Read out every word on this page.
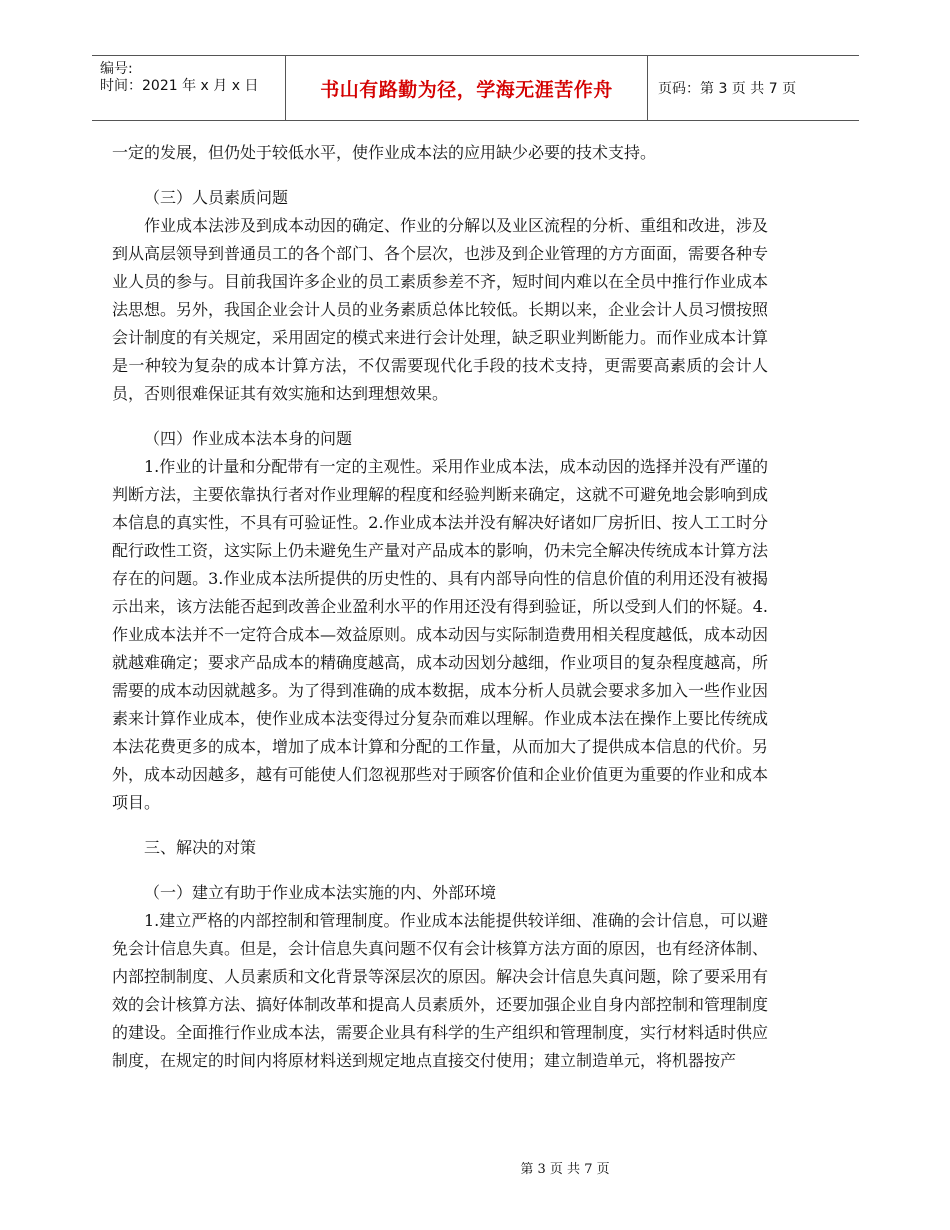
编号:
时间：2021 年 x 月 x 日	书山有路勤为径，学海无涯苦作舟	页码：第 3 页 共 7 页

一定的发展，但仍处于较低水平，使作业成本法的应用缺少必要的技术支持。

（三）人员素质问题

作业成本法涉及到成本动因的确定、作业的分解以及业区流程的分析、重组和改进，涉及到从高层领导到普通员工的各个部门、各个层次，也涉及到企业管理的方方面面，需要各种专业人员的参与。目前我国许多企业的员工素质参差不齐，短时间内难以在全员中推行作业成本法思想。另外，我国企业会计人员的业务素质总体比较低。长期以来，企业会计人员习惯按照会计制度的有关规定，采用固定的模式来进行会计处理，缺乏职业判断能力。而作业成本计算是一种较为复杂的成本计算方法，不仅需要现代化手段的技术支持，更需要高素质的会计人员，否则很难保证其有效实施和达到理想效果。

（四）作业成本法本身的问题

1.作业的计量和分配带有一定的主观性。采用作业成本法，成本动因的选择并没有严谨的判断方法，主要依靠执行者对作业理解的程度和经验判断来确定，这就不可避免地会影响到成本信息的真实性，不具有可验证性。2.作业成本法并没有解决好诸如厂房折旧、按人工工时分配行政性工资，这实际上仍未避免生产量对产品成本的影响，仍未完全解决传统成本计算方法存在的问题。3.作业成本法所提供的历史性的、具有内部导向性的信息价值的利用还没有被揭示出来，该方法能否起到改善企业盈利水平的作用还没有得到验证，所以受到人们的怀疑。4.作业成本法并不一定符合成本—效益原则。成本动因与实际制造费用相关程度越低，成本动因就越难确定；要求产品成本的精确度越高，成本动因划分越细，作业项目的复杂程度越高，所需要的成本动因就越多。为了得到准确的成本数据，成本分析人员就会要求多加入一些作业因素来计算作业成本，使作业成本法变得过分复杂而难以理解。作业成本法在操作上要比传统成本法花费更多的成本，增加了成本计算和分配的工作量，从而加大了提供成本信息的代价。另外，成本动因越多，越有可能使人们忽视那些对于顾客价值和企业价值更为重要的作业和成本项目。

三、解决的对策

（一）建立有助于作业成本法实施的内、外部环境

1.建立严格的内部控制和管理制度。作业成本法能提供较详细、准确的会计信息，可以避免会计信息失真。但是，会计信息失真问题不仅有会计核算方法方面的原因，也有经济体制、内部控制制度、人员素质和文化背景等深层次的原因。解决会计信息失真问题，除了要采用有效的会计核算方法、搞好体制改革和提高人员素质外，还要加强企业自身内部控制和管理制度的建设。全面推行作业成本法，需要企业具有科学的生产组织和管理制度，实行材料适时供应制度，在规定的时间内将原材料送到规定地点直接交付使用；建立制造单元，将机器按产

第 3 页 共 7 页
